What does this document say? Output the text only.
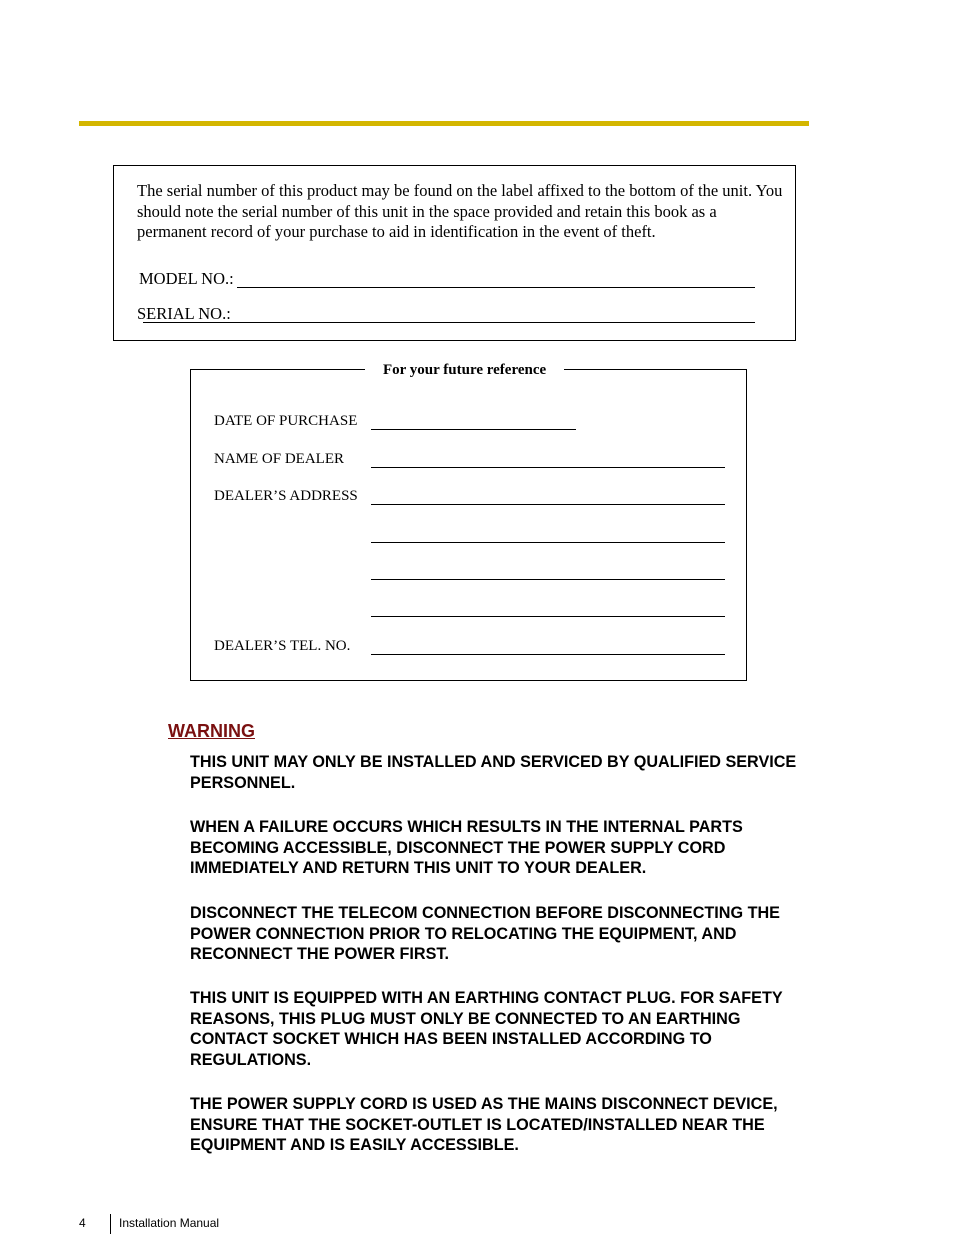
The serial number of this product may be found on the label affixed to the bottom of the unit. You should note the serial number of this unit in the space provided and retain this book as a permanent record of your purchase to aid in identification in the event of theft.
MODEL NO.:
SERIAL NO.:
For your future reference
DATE OF PURCHASE
NAME OF DEALER
DEALER’S ADDRESS
DEALER’S TEL. NO.
WARNING

THIS UNIT MAY ONLY BE INSTALLED AND SERVICED BY QUALIFIED SERVICE PERSONNEL.

WHEN A FAILURE OCCURS WHICH RESULTS IN THE INTERNAL PARTS BECOMING ACCESSIBLE, DISCONNECT THE POWER SUPPLY CORD IMMEDIATELY AND RETURN THIS UNIT TO YOUR DEALER.

DISCONNECT THE TELECOM CONNECTION BEFORE DISCONNECTING THE POWER CONNECTION PRIOR TO RELOCATING THE EQUIPMENT, AND RECONNECT THE POWER FIRST.

THIS UNIT IS EQUIPPED WITH AN EARTHING CONTACT PLUG. FOR SAFETY REASONS, THIS PLUG MUST ONLY BE CONNECTED TO AN EARTHING CONTACT SOCKET WHICH HAS BEEN INSTALLED ACCORDING TO REGULATIONS.

THE POWER SUPPLY CORD IS USED AS THE MAINS DISCONNECT DEVICE, ENSURE THAT THE SOCKET-OUTLET IS LOCATED/INSTALLED NEAR THE EQUIPMENT AND IS EASILY ACCESSIBLE.

4	Installation Manual
